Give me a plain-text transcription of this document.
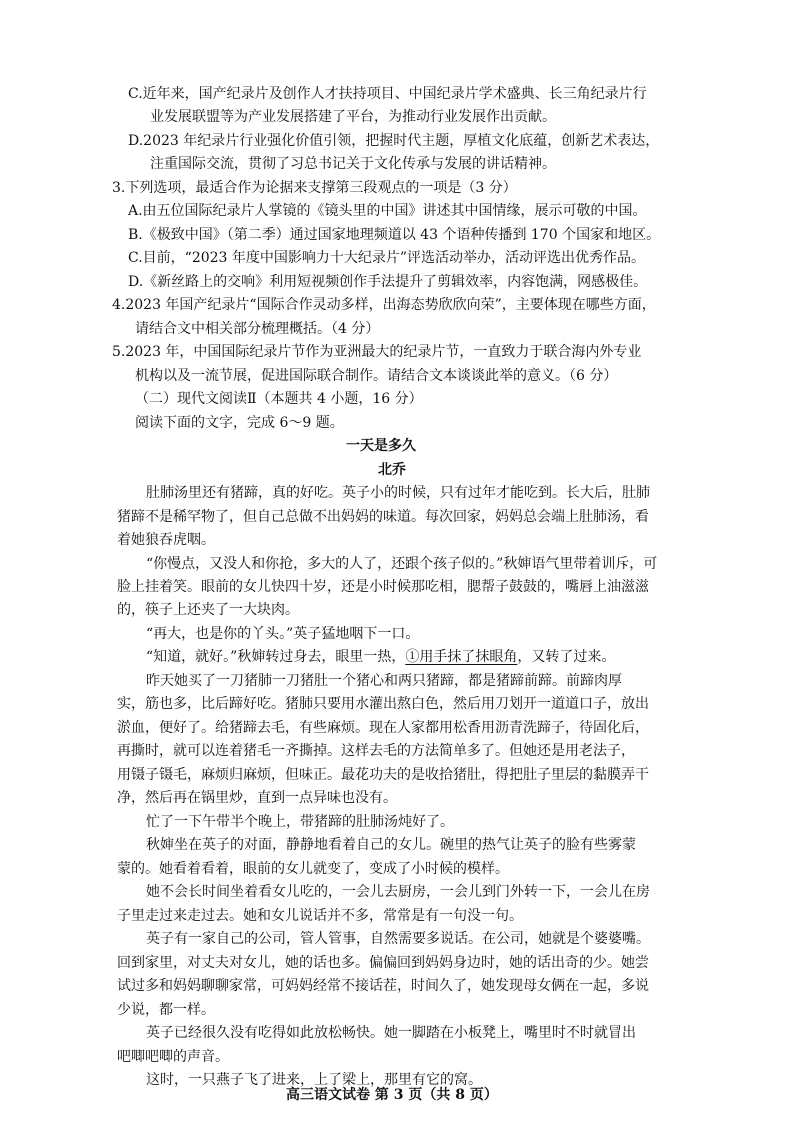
C.近年来，国产纪录片及创作人才扶持项目、中国纪录片学术盛典、长三角纪录片行
业发展联盟等为产业发展搭建了平台，为推动行业发展作出贡献。
D.2023 年纪录片行业强化价值引领，把握时代主题，厚植文化底蕴，创新艺术表达，
注重国际交流，贯彻了习总书记关于文化传承与发展的讲话精神。
3.下列选项，最适合作为论据来支撑第三段观点的一项是（3 分）
A.由五位国际纪录片人掌镜的《镜头里的中国》讲述其中国情缘，展示可敬的中国。
B.《极致中国》（第二季）通过国家地理频道以 43 个语种传播到 170 个国家和地区。
C.目前，“2023 年度中国影响力十大纪录片”评选活动举办，活动评选出优秀作品。
D.《新丝路上的交响》利用短视频创作手法提升了剪辑效率，内容饱满，网感极佳。
4.2023 年国产纪录片“国际合作灵动多样，出海态势欣欣向荣”，主要体现在哪些方面，
请结合文中相关部分梳理概括。（4 分）
5.2023 年，中国国际纪录片节作为亚洲最大的纪录片节，一直致力于联合海内外专业
机构以及一流节展，促进国际联合制作。请结合文本谈谈此举的意义。（6 分）
（二）现代文阅读Ⅱ（本题共 4 小题，16 分）
阅读下面的文字，完成 6～9 题。
一天是多久
北乔
肚肺汤里还有猪蹄，真的好吃。英子小的时候，只有过年才能吃到。长大后，肚肺
猪蹄不是稀罕物了，但自己总做不出妈妈的味道。每次回家，妈妈总会端上肚肺汤，看
着她狼吞虎咽。
“你慢点，又没人和你抢，多大的人了，还跟个孩子似的。”秋婶语气里带着训斥，可
脸上挂着笑。眼前的女儿快四十岁，还是小时候那吃相，腮帮子鼓鼓的，嘴唇上油滋滋
的，筷子上还夹了一大块肉。
“再大，也是你的丫头。”英子猛地咽下一口。
“知道，就好。”秋婶转过身去，眼里一热，①用手抹了抹眼角，又转了过来。
昨天她买了一刀猪肺一刀猪肚一个猪心和两只猪蹄，都是猪蹄前蹄。前蹄肉厚
实，筋也多，比后蹄好吃。猪肺只要用水灌出熬白色，然后用刀划开一道道口子，放出
淤血，便好了。给猪蹄去毛，有些麻烦。现在人家都用松香用沥青洗蹄子，待固化后，
再撕时，就可以连着猪毛一齐撕掉。这样去毛的方法简单多了。但她还是用老法子，
用镊子镊毛，麻烦归麻烦，但味正。最花功夫的是收拾猪肚，得把肚子里层的黏膜弄干
净，然后再在锅里炒，直到一点异味也没有。
忙了一下午带半个晚上，带猪蹄的肚肺汤炖好了。
秋婶坐在英子的对面，静静地看着自己的女儿。碗里的热气让英子的脸有些雾蒙
蒙的。她看着看着，眼前的女儿就变了，变成了小时候的模样。
她不会长时间坐着看女儿吃的，一会儿去厨房，一会儿到门外转一下，一会儿在房
子里走过来走过去。她和女儿说话并不多，常常是有一句没一句。
英子有一家自己的公司，管人管事，自然需要多说话。在公司，她就是个婆婆嘴。
回到家里，对丈夫对女儿，她的话也多。偏偏回到妈妈身边时，她的话出奇的少。她尝
试过多和妈妈聊聊家常，可妈妈经常不接话茬，时间久了，她发现母女俩在一起，多说
少说，都一样。
英子已经很久没有吃得如此放松畅快。她一脚踏在小板凳上，嘴里时不时就冒出
吧唧吧唧的声音。
这时，一只燕子飞了进来，上了梁上，那里有它的窝。
高三语文试卷 第 3 页（共 8 页）
